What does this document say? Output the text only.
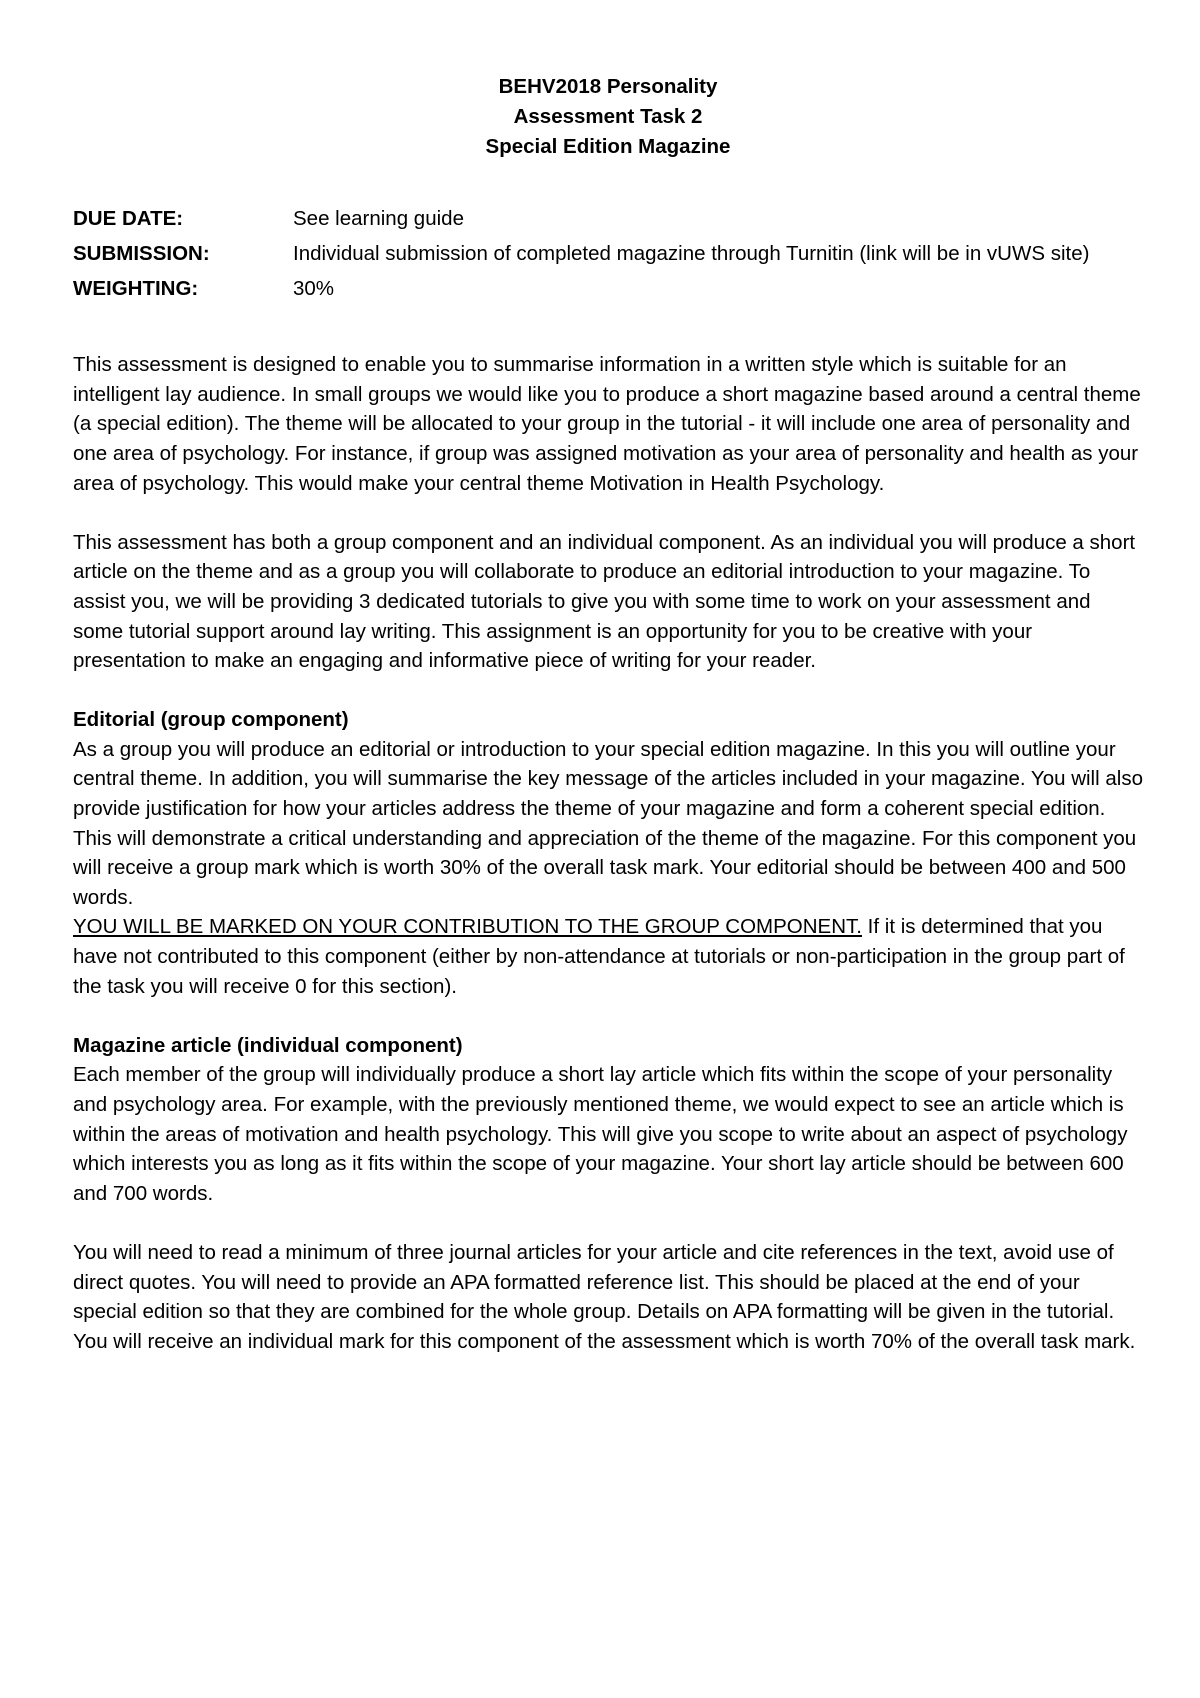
BEHV2018 Personality
Assessment Task 2
Special Edition Magazine
DUE DATE:	See learning guide
SUBMISSION:	Individual submission of completed magazine through Turnitin (link will be in vUWS site)
WEIGHTING:	30%

This assessment is designed to enable you to summarise information in a written style which is suitable for an intelligent lay audience. In small groups we would like you to produce a short magazine based around a central theme (a special edition). The theme will be allocated to your group in the tutorial - it will include one area of personality and one area of psychology. For instance, if group was assigned motivation as your area of personality and health as your area of psychology. This would make your central theme Motivation in Health Psychology.

This assessment has both a group component and an individual component. As an individual you will produce a short article on the theme and as a group you will collaborate to produce an editorial introduction to your magazine. To assist you, we will be providing 3 dedicated tutorials to give you with some time to work on your assessment and some tutorial support around lay writing. This assignment is an opportunity for you to be creative with your presentation to make an engaging and informative piece of writing for your reader.

Editorial (group component)

As a group you will produce an editorial or introduction to your special edition magazine. In this you will outline your central theme. In addition, you will summarise the key message of the articles included in your magazine. You will also provide justification for how your articles address the theme of your magazine and form a coherent special edition. This will demonstrate a critical understanding and appreciation of the theme of the magazine. For this component you will receive a group mark which is worth 30% of the overall task mark. Your editorial should be between 400 and 500 words.

YOU WILL BE MARKED ON YOUR CONTRIBUTION TO THE GROUP COMPONENT. If it is determined that you have not contributed to this component (either by non-attendance at tutorials or non-participation in the group part of the task you will receive 0 for this section).

Magazine article (individual component)

Each member of the group will individually produce a short lay article which fits within the scope of your personality and psychology area. For example, with the previously mentioned theme, we would expect to see an article which is within the areas of motivation and health psychology. This will give you scope to write about an aspect of psychology which interests you as long as it fits within the scope of your magazine. Your short lay article should be between 600 and 700 words.

You will need to read a minimum of three journal articles for your article and cite references in the text, avoid use of direct quotes. You will need to provide an APA formatted reference list. This should be placed at the end of your special edition so that they are combined for the whole group. Details on APA formatting will be given in the tutorial. You will receive an individual mark for this component of the assessment which is worth 70% of the overall task mark.
